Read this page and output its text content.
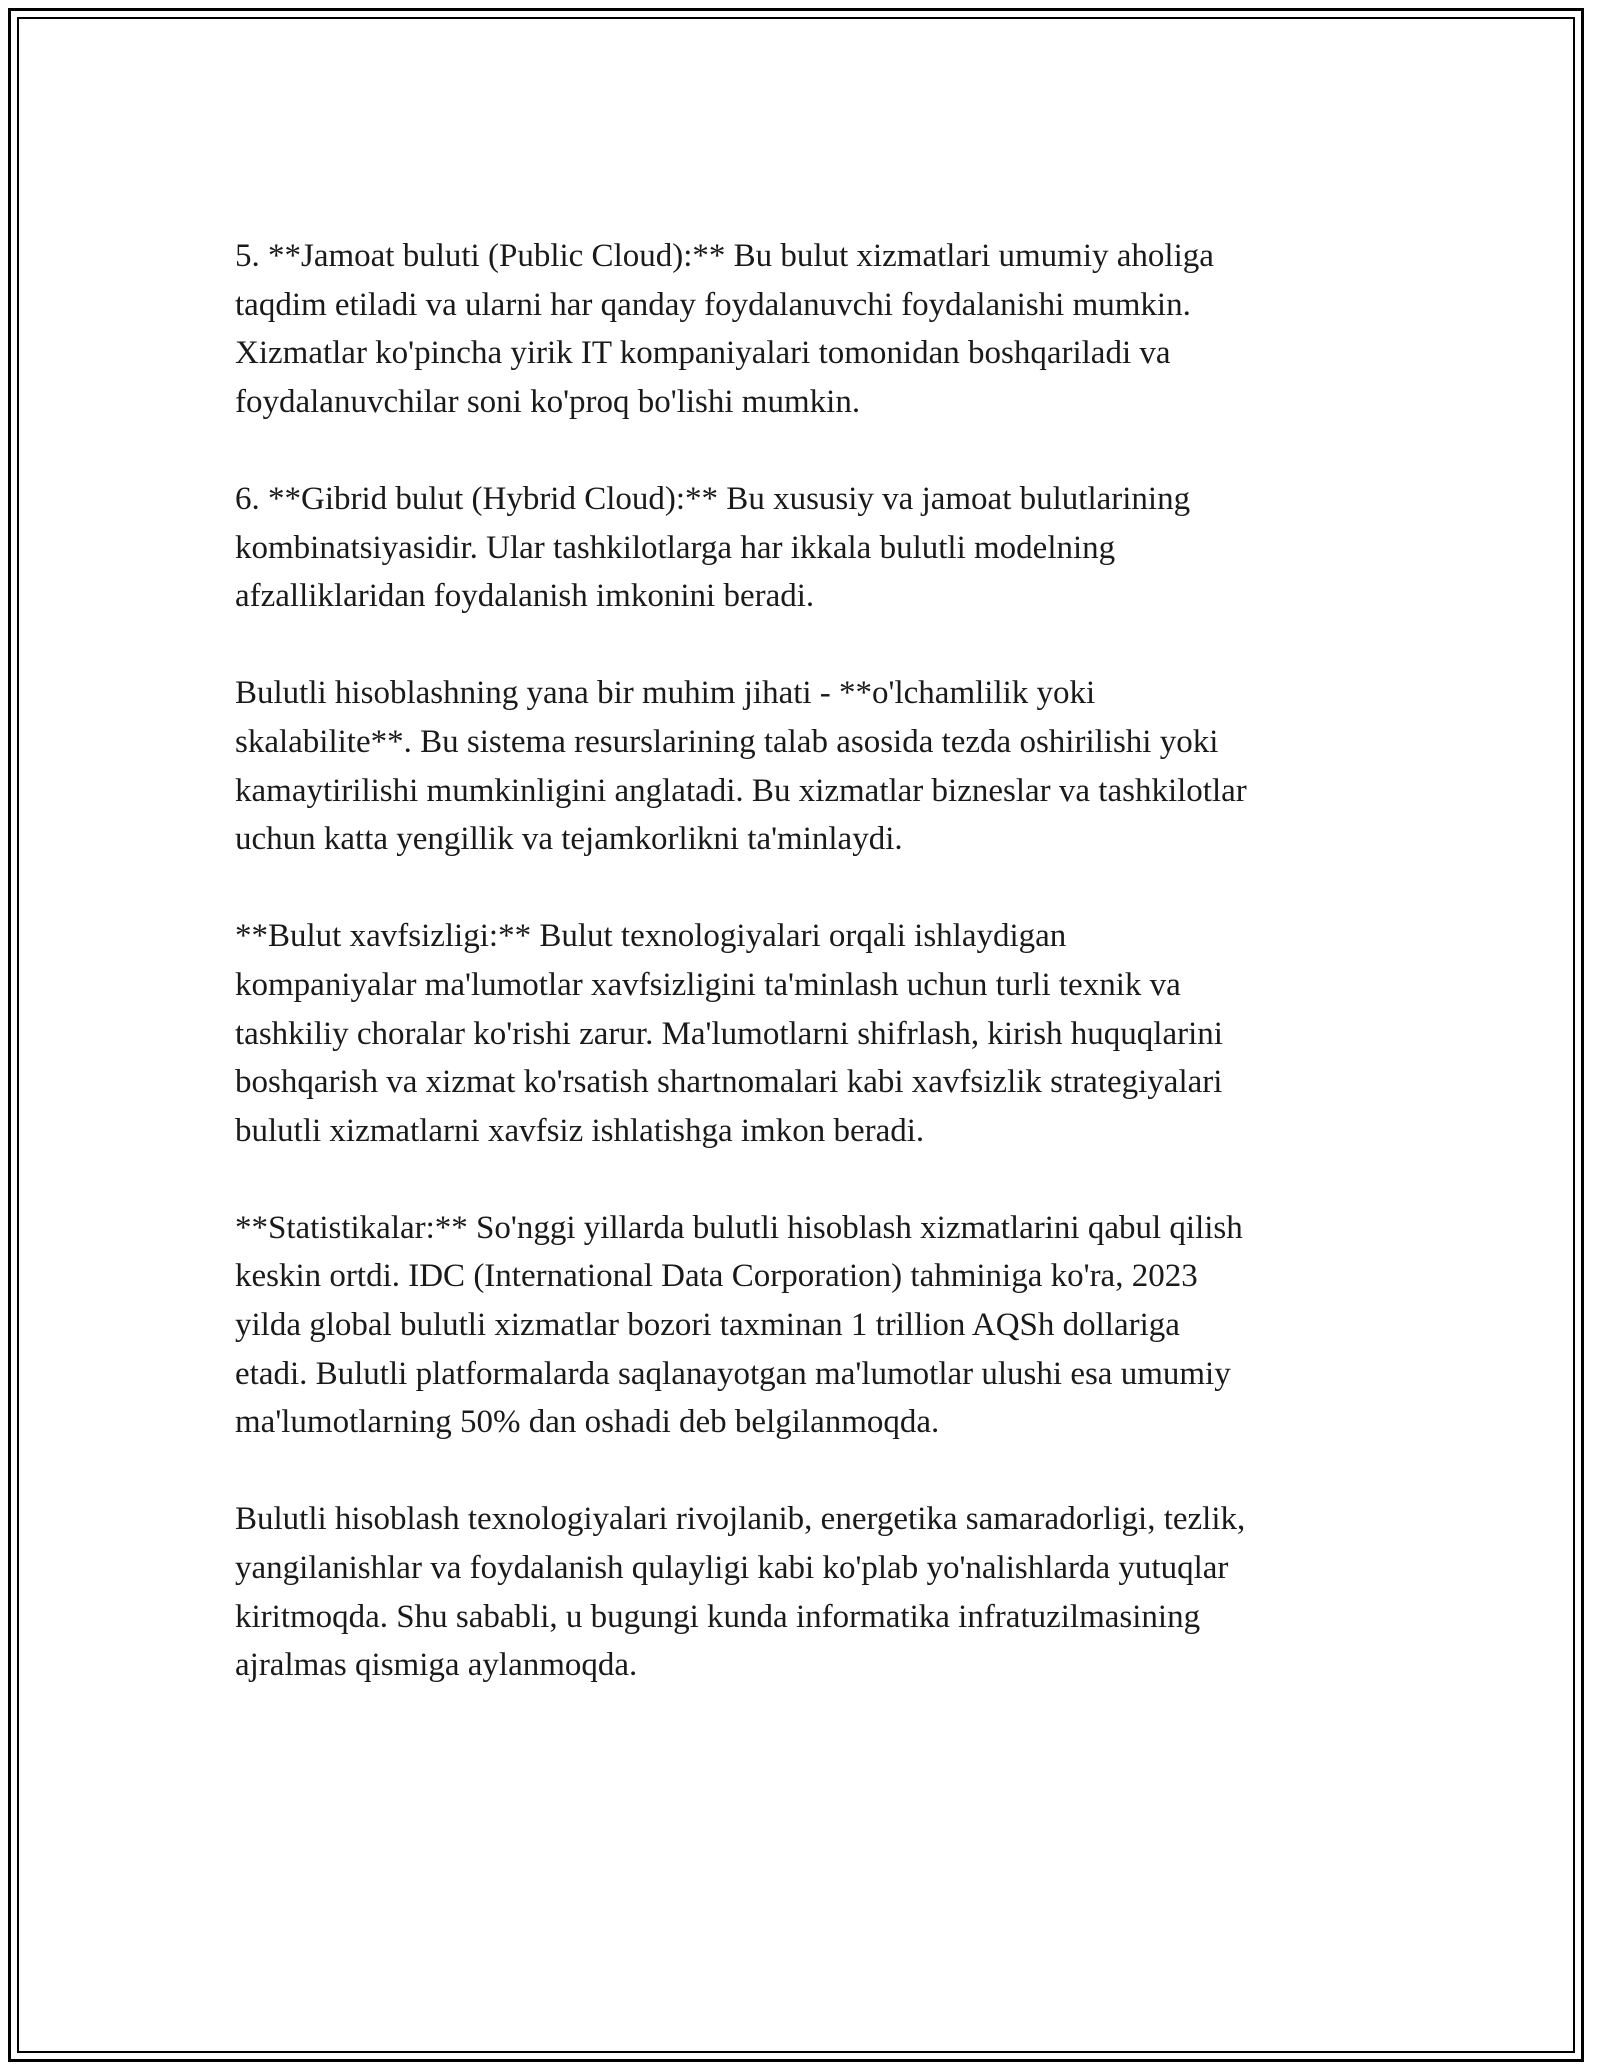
5. **Jamoat buluti (Public Cloud):** Bu bulut xizmatlari umumiy aholiga
taqdim etiladi va ularni har qanday foydalanuvchi foydalanishi mumkin.
Xizmatlar ko'pincha yirik IT kompaniyalari tomonidan boshqariladi va
foydalanuvchilar soni ko'proq bo'lishi mumkin.

6. **Gibrid bulut (Hybrid Cloud):** Bu xususiy va jamoat bulutlarining
kombinatsiyasidir. Ular tashkilotlarga har ikkala bulutli modelning
afzalliklaridan foydalanish imkonini beradi.

Bulutli hisoblashning yana bir muhim jihati - **o'lchamlilik yoki
skalabilite**. Bu sistema resurslarining talab asosida tezda oshirilishi yoki
kamaytirilishi mumkinligini anglatadi. Bu xizmatlar bizneslar va tashkilotlar
uchun katta yengillik va tejamkorlikni ta'minlaydi.

**Bulut xavfsizligi:** Bulut texnologiyalari orqali ishlaydigan
kompaniyalar ma'lumotlar xavfsizligini ta'minlash uchun turli texnik va
tashkiliy choralar ko'rishi zarur. Ma'lumotlarni shifrlash, kirish huquqlarini
boshqarish va xizmat ko'rsatish shartnomalari kabi xavfsizlik strategiyalari
bulutli xizmatlarni xavfsiz ishlatishga imkon beradi.

**Statistikalar:** So'nggi yillarda bulutli hisoblash xizmatlarini qabul qilish
keskin ortdi. IDC (International Data Corporation) tahminiga ko'ra, 2023
yilda global bulutli xizmatlar bozori taxminan 1 trillion AQSh dollariga
etadi. Bulutli platformalarda saqlanayotgan ma'lumotlar ulushi esa umumiy
ma'lumotlarning 50% dan oshadi deb belgilanmoqda.

Bulutli hisoblash texnologiyalari rivojlanib, energetika samaradorligi, tezlik,
yangilanishlar va foydalanish qulayligi kabi ko'plab yo'nalishlarda yutuqlar
kiritmoqda. Shu sababli, u bugungi kunda informatika infratuzilmasining
ajralmas qismiga aylanmoqda.
